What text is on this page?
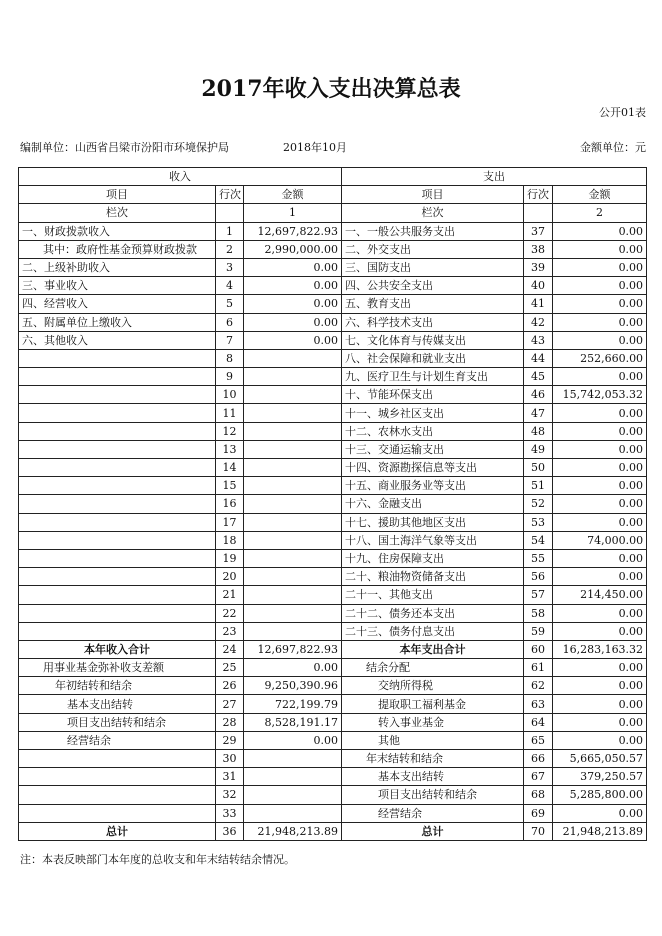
2017年收入支出决算总表
公开01表
编制单位：山西省吕梁市汾阳市环境保护局	2018年10月	金额单位：元
收入			支出		
项目	行次	金额	项目	行次	金额
栏次		1	栏次		2
一、财政拨款收入	1	12,697,822.93	一、一般公共服务支出	37	0.00
其中：政府性基金预算财政拨款	2	2,990,000.00	二、外交支出	38	0.00
二、上级补助收入	3	0.00	三、国防支出	39	0.00
三、事业收入	4	0.00	四、公共安全支出	40	0.00
四、经营收入	5	0.00	五、教育支出	41	0.00
五、附属单位上缴收入	6	0.00	六、科学技术支出	42	0.00
六、其他收入	7	0.00	七、文化体育与传媒支出	43	0.00
	8		八、社会保障和就业支出	44	252,660.00
	9		九、医疗卫生与计划生育支出	45	0.00
	10		十、节能环保支出	46	15,742,053.32
	11		十一、城乡社区支出	47	0.00
	12		十二、农林水支出	48	0.00
	13		十三、交通运输支出	49	0.00
	14		十四、资源勘探信息等支出	50	0.00
	15		十五、商业服务业等支出	51	0.00
	16		十六、金融支出	52	0.00
	17		十七、援助其他地区支出	53	0.00
	18		十八、国土海洋气象等支出	54	74,000.00
	19		十九、住房保障支出	55	0.00
	20		二十、粮油物资储备支出	56	0.00
	21		二十一、其他支出	57	214,450.00
	22		二十二、债务还本支出	58	0.00
	23		二十三、债务付息支出	59	0.00
本年收入合计	24	12,697,822.93	本年支出合计	60	16,283,163.32
用事业基金弥补收支差额	25	0.00	结余分配	61	0.00
年初结转和结余	26	9,250,390.96	交纳所得税	62	0.00
基本支出结转	27	722,199.79	提取职工福利基金	63	0.00
项目支出结转和结余	28	8,528,191.17	转入事业基金	64	0.00
经营结余	29	0.00	其他	65	0.00
	30		年末结转和结余	66	5,665,050.57
	31		基本支出结转	67	379,250.57
	32		项目支出结转和结余	68	5,285,800.00
	33		经营结余	69	0.00
总计	36	21,948,213.89	总计	70	21,948,213.89
注：本表反映部门本年度的总收支和年末结转结余情况。
